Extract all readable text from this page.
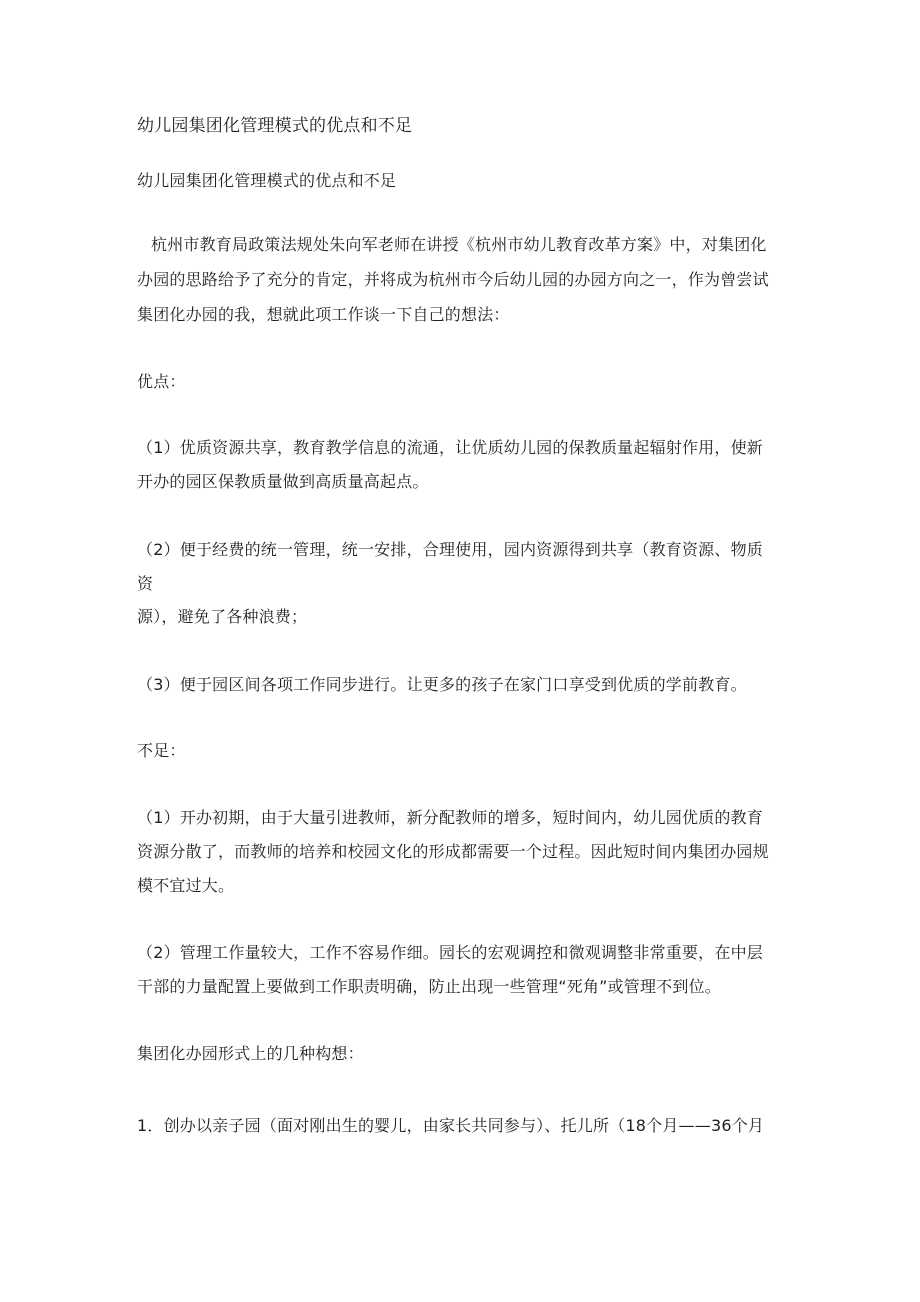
幼儿园集团化管理模式的优点和不足
幼儿园集团化管理模式的优点和不足
杭州市教育局政策法规处朱向军老师在讲授《杭州市幼儿教育改革方案》中，对集团化
办园的思路给予了充分的肯定，并将成为杭州市今后幼儿园的办园方向之一，作为曾尝试
集团化办园的我，想就此项工作谈一下自己的想法：
优点：
（1）优质资源共享，教育教学信息的流通，让优质幼儿园的保教质量起辐射作用，使新
开办的园区保教质量做到高质量高起点。
（2）便于经费的统一管理，统一安排，合理使用，园内资源得到共享（教育资源、物质
资
源），避免了各种浪费；
（3）便于园区间各项工作同步进行。让更多的孩子在家门口享受到优质的学前教育。
不足：
（1）开办初期，由于大量引进教师，新分配教师的增多，短时间内，幼儿园优质的教育
资源分散了，而教师的培养和校园文化的形成都需要一个过程。因此短时间内集团办园规
模不宜过大。
（2）管理工作量较大，工作不容易作细。园长的宏观调控和微观调整非常重要，在中层
干部的力量配置上要做到工作职责明确，防止出现一些管理“死角”或管理不到位。
集团化办园形式上的几种构想：
1．创办以亲子园（面对刚出生的婴儿，由家长共同参与）、托儿所（18个月——36个月
